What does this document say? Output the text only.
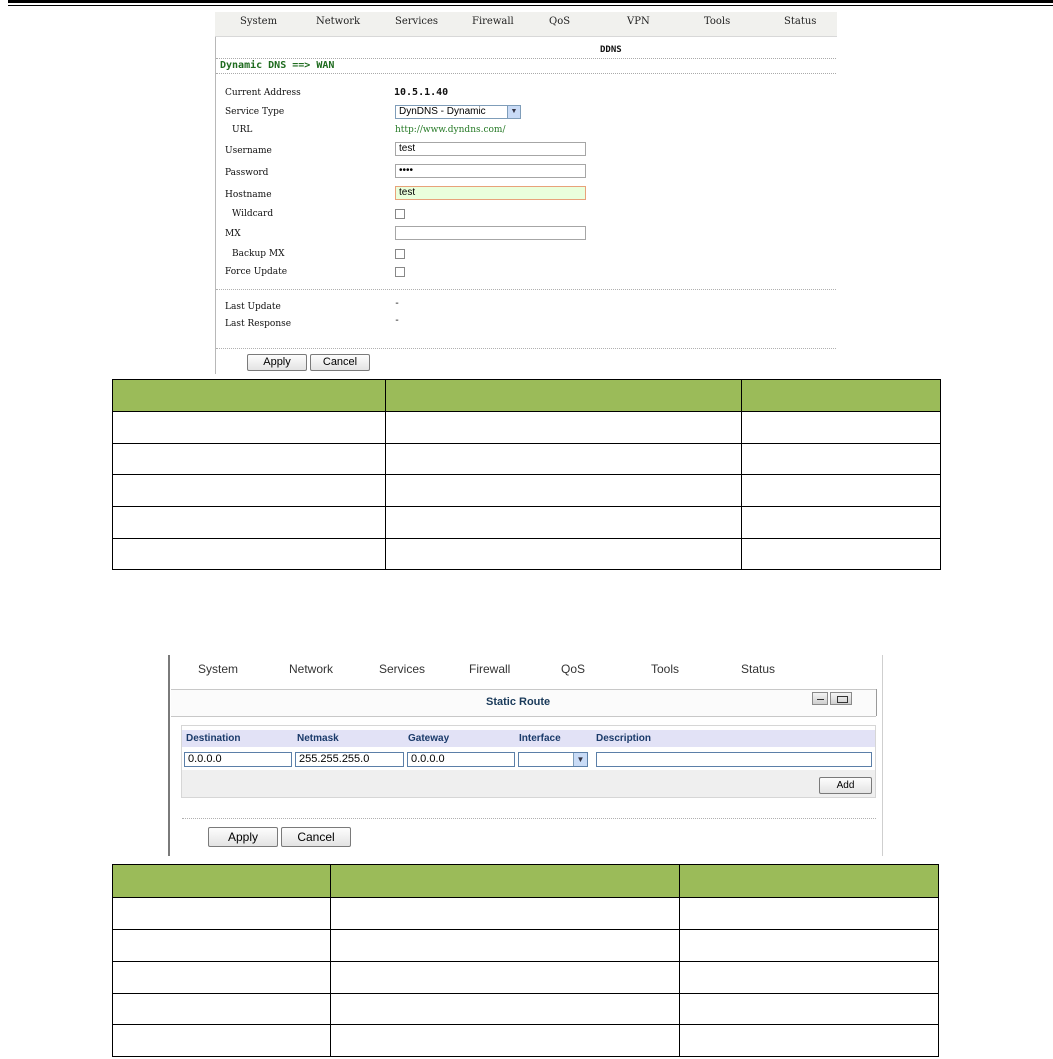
System	Network	Services	Firewall	QoS	VPN	Tools	Status
DDNS
Dynamic DNS ==> WAN
Current Address	10.5.1.40
Service Type	DynDNS - Dynamic	▼
URL	http://www.dyndns.com/
Username	test
Password	••••
Hostname	test
Wildcard
MX
Backup MX
Force Update
Last Update	-
Last Response	-
Apply	Cancel

System	Network	Services	Firewall	QoS	Tools	Status
Static Route
Destination	Netmask	Gateway	Interface	Description
0.0.0.0	255.255.255.0	0.0.0.0	▼
Add
Apply	Cancel
